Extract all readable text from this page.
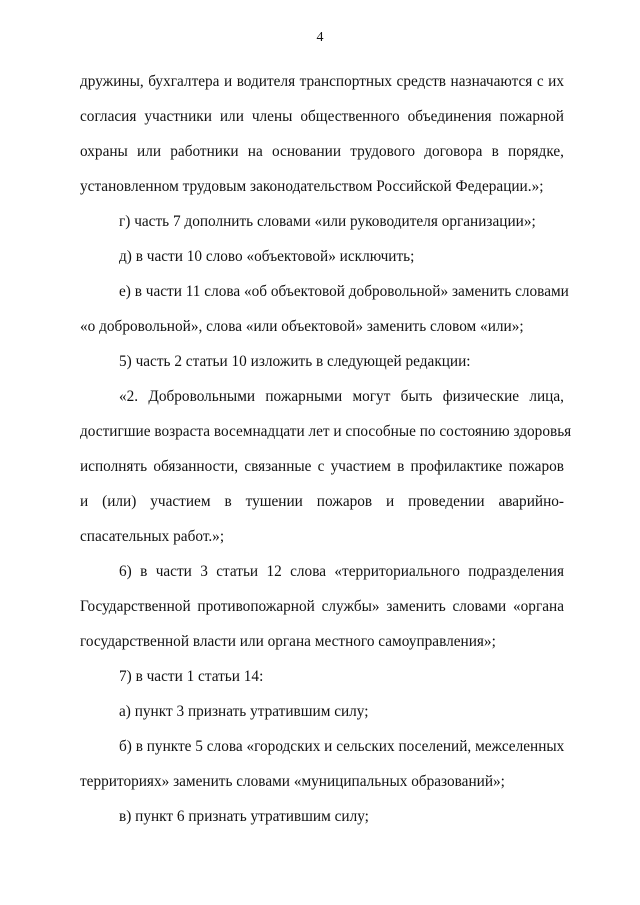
4
дружины, бухгалтера и водителя транспортных средств назначаются с их
согласия участники или члены общественного объединения пожарной
охраны или работники на основании трудового договора в порядке,
установленном трудовым законодательством Российской Федерации.»;
г) часть 7 дополнить словами «или руководителя организации»;
д) в части 10 слово «объектовой» исключить;
е) в части 11 слова «об объектовой добровольной» заменить словами
«о добровольной», слова «или объектовой» заменить словом «или»;
5) часть 2 статьи 10 изложить в следующей редакции:
«2. Добровольными пожарными могут быть физические лица,
достигшие возраста восемнадцати лет и способные по состоянию здоровья
исполнять обязанности, связанные с участием в профилактике пожаров
и (или) участием в тушении пожаров и проведении аварийно-
спасательных работ.»;
6) в части 3 статьи 12 слова «территориального подразделения
Государственной противопожарной службы» заменить словами «органа
государственной власти или органа местного самоуправления»;
7) в части 1 статьи 14:
а) пункт 3 признать утратившим силу;
б) в пункте 5 слова «городских и сельских поселений, межселенных
территориях» заменить словами «муниципальных образований»;
в) пункт 6 признать утратившим силу;
